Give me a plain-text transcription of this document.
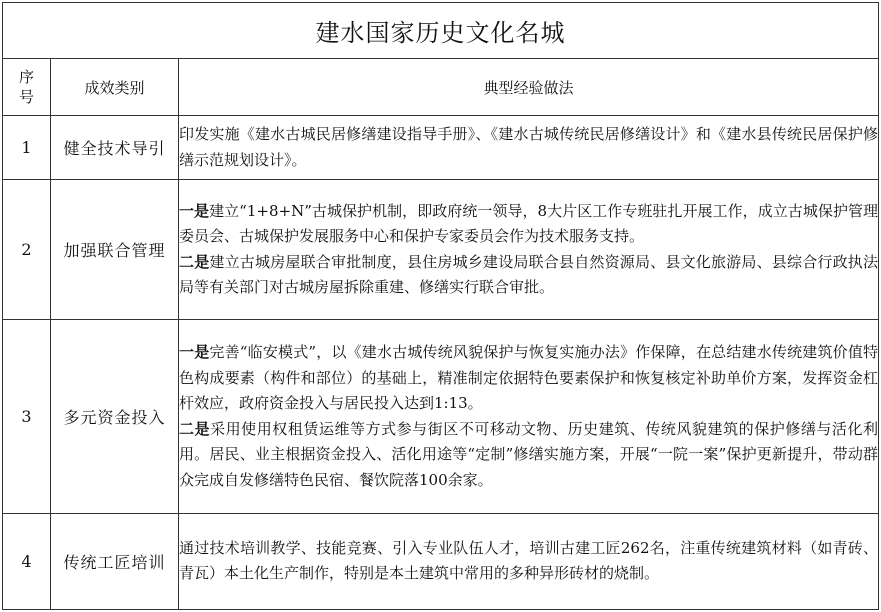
建水国家历史文化名城		
序
号	成效类别	典型经验做法
1	健全技术导引	印发实施《建水古城民居修缮建设指导手册》、《建水古城传统民居修缮设计》和《建水县传统民居保护修缮示范规划设计》。

2	加强联合管理	一是建立“1+8+N”古城保护机制，即政府统一领导，8大片区工作专班驻扎开展工作，成立古城保护管理委员会、古城保护发展服务中心和保护专家委员会作为技术服务支持。

二是建立古城房屋联合审批制度，县住房城乡建设局联合县自然资源局、县文化旅游局、县综合行政执法局等有关部门对古城房屋拆除重建、修缮实行联合审批。

3	多元资金投入	一是完善“临安模式”，以《建水古城传统风貌保护与恢复实施办法》作保障，在总结建水传统建筑价值特色构成要素（构件和部位）的基础上，精准制定依据特色要素保护和恢复核定补助单价方案，发挥资金杠杆效应，政府资金投入与居民投入达到1:13。

二是采用使用权租赁运维等方式参与街区不可移动文物、历史建筑、传统风貌建筑的保护修缮与活化利用。居民、业主根据资金投入、活化用途等“定制”修缮实施方案，开展“一院一案”保护更新提升，带动群众完成自发修缮特色民宿、餐饮院落100余家。

4	传统工匠培训	通过技术培训教学、技能竞赛、引入专业队伍人才，培训古建工匠262名，注重传统建筑材料（如青砖、青瓦）本土化生产制作，特别是本土建筑中常用的多种异形砖材的烧制。
